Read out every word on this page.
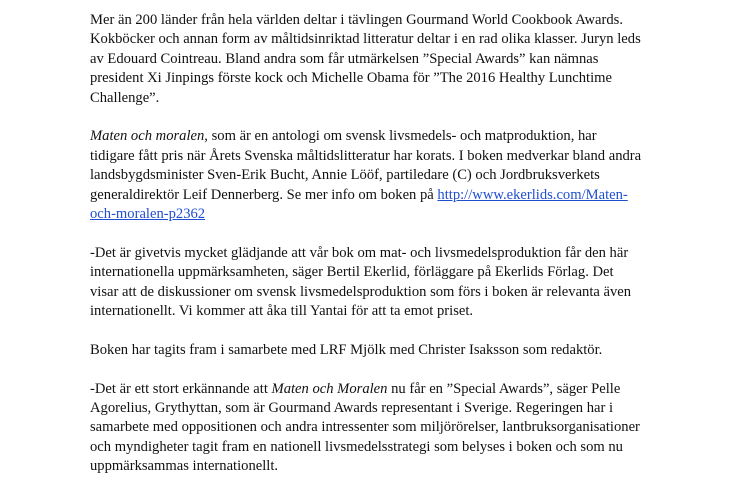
Mer än 200 länder från hela världen deltar i tävlingen Gourmand World Cookbook Awards.
Kokböcker och annan form av måltidsinriktad litteratur deltar i en rad olika klasser. Juryn leds
av Edouard Cointreau. Bland andra som får utmärkelsen ”Special Awards” kan nämnas
president Xi Jinpings förste kock och Michelle Obama för ”The 2016 Healthy Lunchtime
Challenge”.
Maten och moralen, som är en antologi om svensk livsmedels- och matproduktion, har
tidigare fått pris när Årets Svenska måltidslitteratur har korats. I boken medverkar bland andra
landsbygdsminister Sven-Erik Bucht, Annie Lööf, partiledare (C) och Jordbruksverkets
generaldirektör Leif Dennerberg. Se mer info om boken på http://www.ekerlids.com/Maten-
och-moralen-p2362
-Det är givetvis mycket glädjande att vår bok om mat- och livsmedelsproduktion får den här
internationella uppmärksamheten, säger Bertil Ekerlid, förläggare på Ekerlids Förlag. Det
visar att de diskussioner om svensk livsmedelsproduktion som förs i boken är relevanta även
internationellt. Vi kommer att åka till Yantai för att ta emot priset.
Boken har tagits fram i samarbete med LRF Mjölk med Christer Isaksson som redaktör.
-Det är ett stort erkännande att Maten och Moralen nu får en ”Special Awards”, säger Pelle
Agorelius, Grythyttan, som är Gourmand Awards representant i Sverige. Regeringen har i
samarbete med oppositionen och andra intressenter som miljörörelser, lantbruksorganisationer
och myndigheter tagit fram en nationell livsmedelsstrategi som belyses i boken och som nu
uppmärksammas internationellt.
